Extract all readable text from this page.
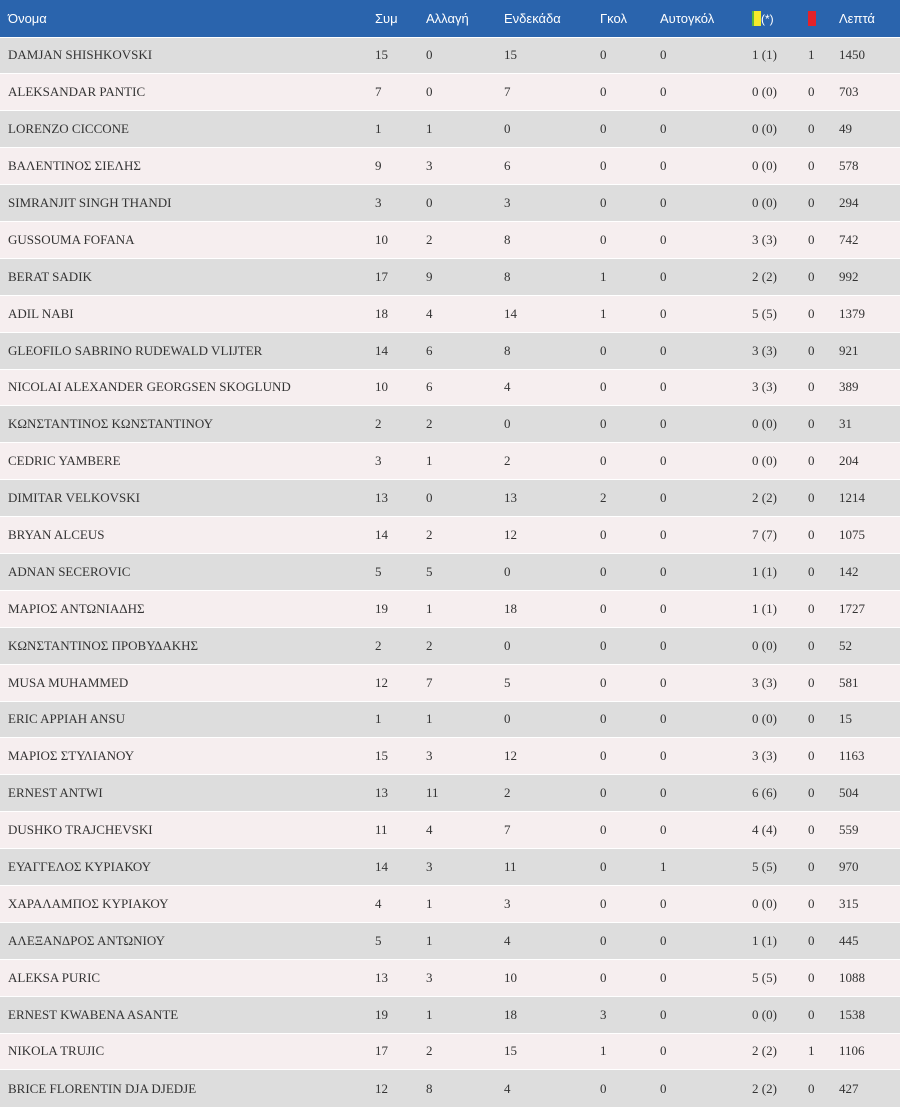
Όνομα	Συμ	Αλλαγή	Ενδεκάδα	Γκολ	Αυτογκόλ	(*)		Λεπτά
DAMJAN SHISHKOVSKI	15	0	15	0	0	1 (1)	1	1450
ALEKSANDAR PANTIC	7	0	7	0	0	0 (0)	0	703
LORENZO CICCONE	1	1	0	0	0	0 (0)	0	49
ΒΑΛΕΝΤΙΝΟΣ ΣΙΕΛΗΣ	9	3	6	0	0	0 (0)	0	578
SIMRANJIT SINGH THANDI	3	0	3	0	0	0 (0)	0	294
GUSSOUMA FOFANA	10	2	8	0	0	3 (3)	0	742
BERAT SADIK	17	9	8	1	0	2 (2)	0	992
ADIL NABI	18	4	14	1	0	5 (5)	0	1379
GLEOFILO SABRINO RUDEWALD VLIJTER	14	6	8	0	0	3 (3)	0	921
NICOLAI ALEXANDER GEORGSEN SKOGLUND	10	6	4	0	0	3 (3)	0	389
ΚΩΝΣΤΑΝΤΙΝΟΣ ΚΩΝΣΤΑΝΤΙΝΟΥ	2	2	0	0	0	0 (0)	0	31
CEDRIC YAMBERE	3	1	2	0	0	0 (0)	0	204
DIMITAR VELKOVSKI	13	0	13	2	0	2 (2)	0	1214
BRYAN ALCEUS	14	2	12	0	0	7 (7)	0	1075
ADNAN SECEROVIC	5	5	0	0	0	1 (1)	0	142
ΜΑΡΙΟΣ ΑΝΤΩΝΙΑΔΗΣ	19	1	18	0	0	1 (1)	0	1727
ΚΩΝΣΤΑΝΤΙΝΟΣ ΠΡΟΒΥΔΑΚΗΣ	2	2	0	0	0	0 (0)	0	52
MUSA MUHAMMED	12	7	5	0	0	3 (3)	0	581
ERIC APPIAH ANSU	1	1	0	0	0	0 (0)	0	15
ΜΑΡΙΟΣ ΣΤΥΛΙΑΝΟΥ	15	3	12	0	0	3 (3)	0	1163
ERNEST ANTWI	13	11	2	0	0	6 (6)	0	504
DUSHKO TRAJCHEVSKI	11	4	7	0	0	4 (4)	0	559
ΕΥΑΓΓΕΛΟΣ ΚΥΡΙΑΚΟΥ	14	3	11	0	1	5 (5)	0	970
ΧΑΡΑΛΑΜΠΟΣ ΚΥΡΙΑΚΟΥ	4	1	3	0	0	0 (0)	0	315
ΑΛΕΞΑΝΔΡΟΣ ΑΝΤΩΝΙΟΥ	5	1	4	0	0	1 (1)	0	445
ALEKSA PURIC	13	3	10	0	0	5 (5)	0	1088
ERNEST KWABENA ASANTE	19	1	18	3	0	0 (0)	0	1538
NIKOLA TRUJIC	17	2	15	1	0	2 (2)	1	1106
BRICE FLORENTIN DJA DJEDJE	12	8	4	0	0	2 (2)	0	427
